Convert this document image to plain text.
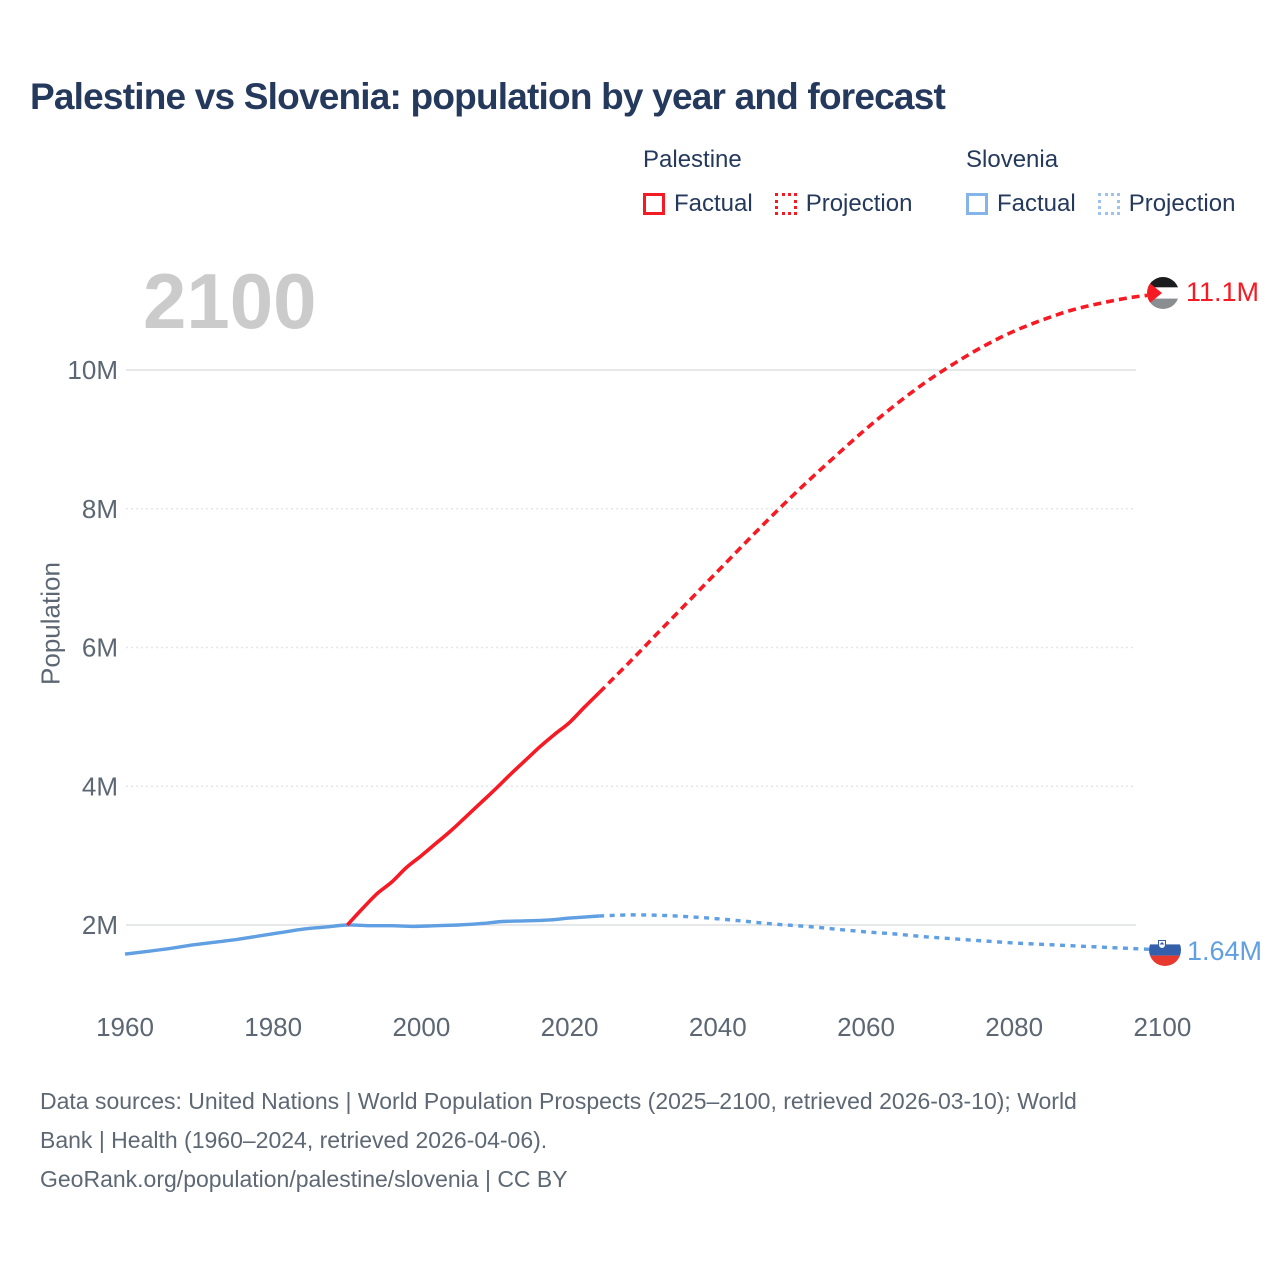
Palestine vs Slovenia: population by year and forecast
Palestine
Factual Projection
Slovenia
Factual Projection
2100
Population
2M
4M
6M
8M
10M
1960	1980	2000	2020	2040	2060	2080	2100
11.1M
1.64M
Data sources: United Nations | World Population Prospects (2025–2100, retrieved 2026-03-10); World
Bank | Health (1960–2024, retrieved 2026-04-06).
GeoRank.org/population/palestine/slovenia | CC BY
